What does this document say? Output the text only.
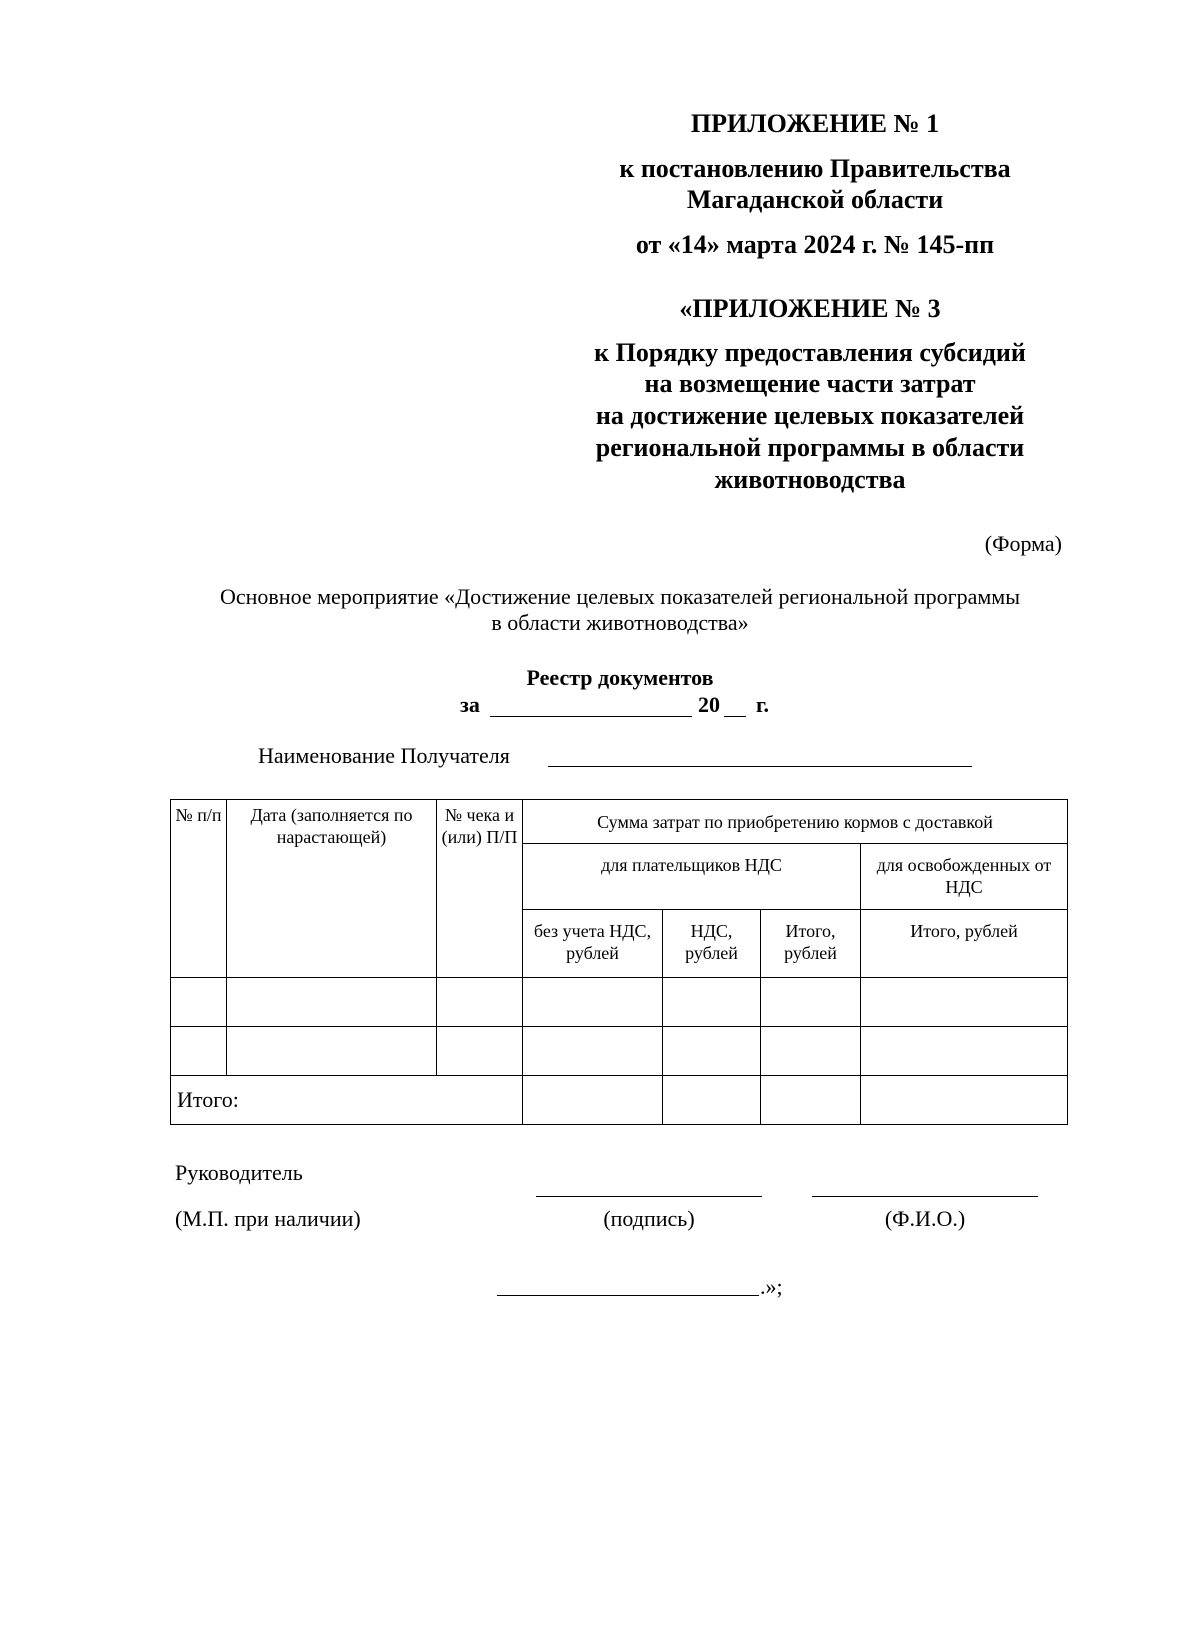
ПРИЛОЖЕНИЕ № 1
к постановлению Правительства
Магаданской области
от «14» марта 2024 г. № 145-пп
«ПРИЛОЖЕНИЕ № 3
к Порядку предоставления субсидий
на возмещение части затрат
на достижение целевых показателей
региональной программы в области
животноводства
(Форма)
Основное мероприятие «Достижение целевых показателей региональной программы
в области животноводства»
Реестр документов
за	20 г.
Наименование Получателя
№ п/п	Дата (заполняется по нарастающей)	№ чека и (или) П/П	Сумма затрат по приобретению кормов с доставкой			
			для плательщиков НДС			для освобожденных от НДС
			без учета НДС, рублей	НДС, рублей	Итого, рублей	Итого, рублей

Итого:						
Руководитель
(М.П. при наличии)	(подпись)	(Ф.И.О.)
.»;
